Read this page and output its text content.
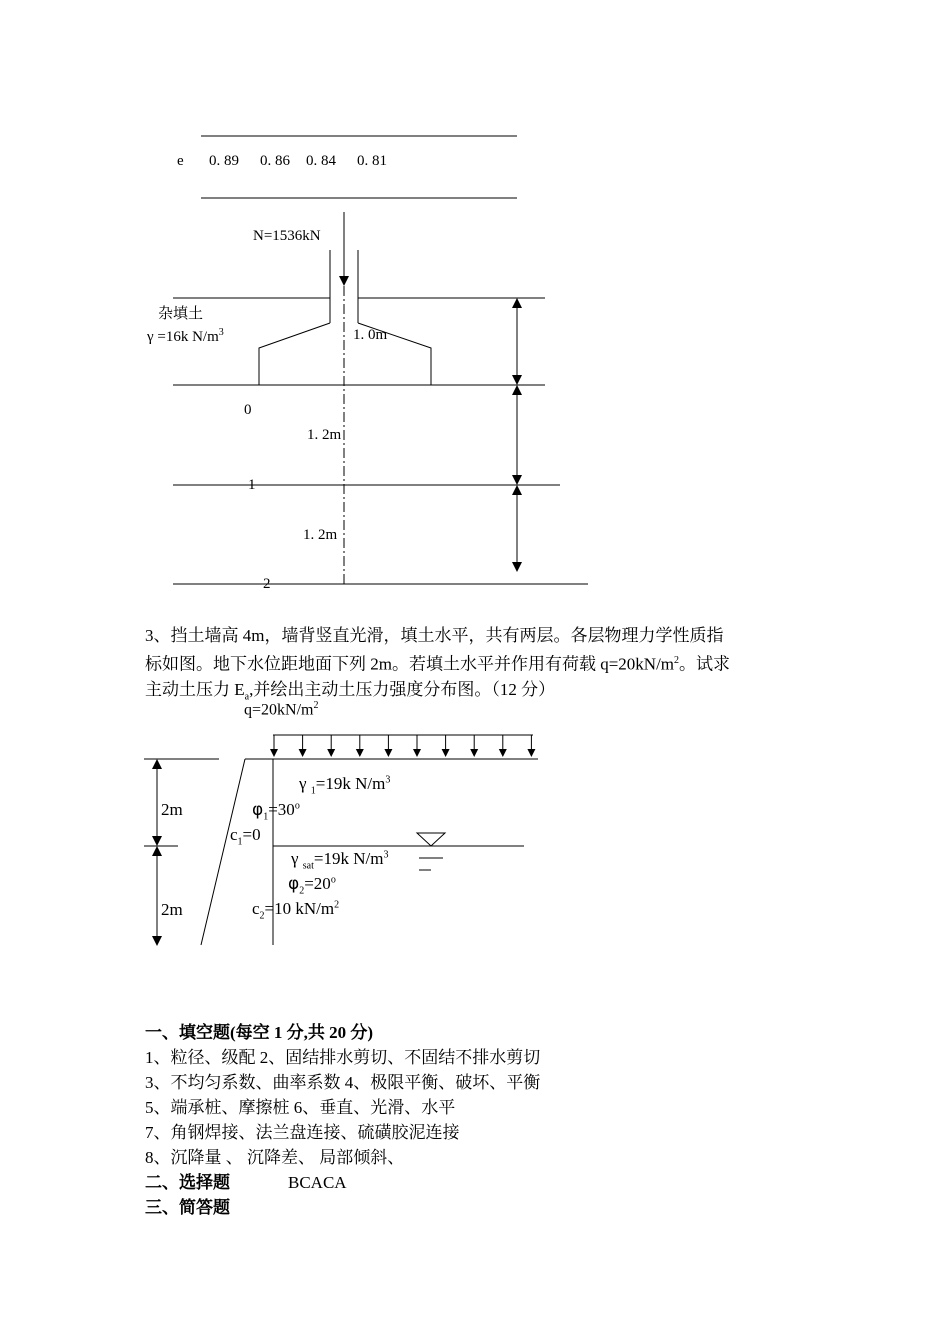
e 0. 89 0. 86 0. 84 0. 81
N=1536kN
杂填土
γ =16k $N/m^3$	1. 0m
0
1. 2m
1
1. 2m
2
3、挡土墙高 4m，墙背竖直光滑，填土水平，共有两层。各层物理力学性质指
标如图。地下水位距地面下列 2m。若填土水平并作用有荷载 $q=20kN/m^2$。试求
主动土压力 $E_a$,并绘出主动土压力强度分布图。（12 分）
$q=20kN/m^2$
2m
2m
γ $_1$=19k $N/m^3$
$\varphi_1=30^o$
$c_1=0$
γ $_{sat}$=19k $N/m^3$
$\varphi_2=20^o$
$c_2=10$ $kN/m^2$
一、填空题(每空 1 分,共 20 分)
1、粒径、级配 2、固结排水剪切、不固结不排水剪切
3、不均匀系数、曲率系数 4、极限平衡、破坏、平衡
5、端承桩、摩擦桩 6、垂直、光滑、水平
7、角钢焊接、法兰盘连接、硫磺胶泥连接
8、沉降量 、 沉降差、 局部倾斜、
二、选择题	BCACA
三、简答题
